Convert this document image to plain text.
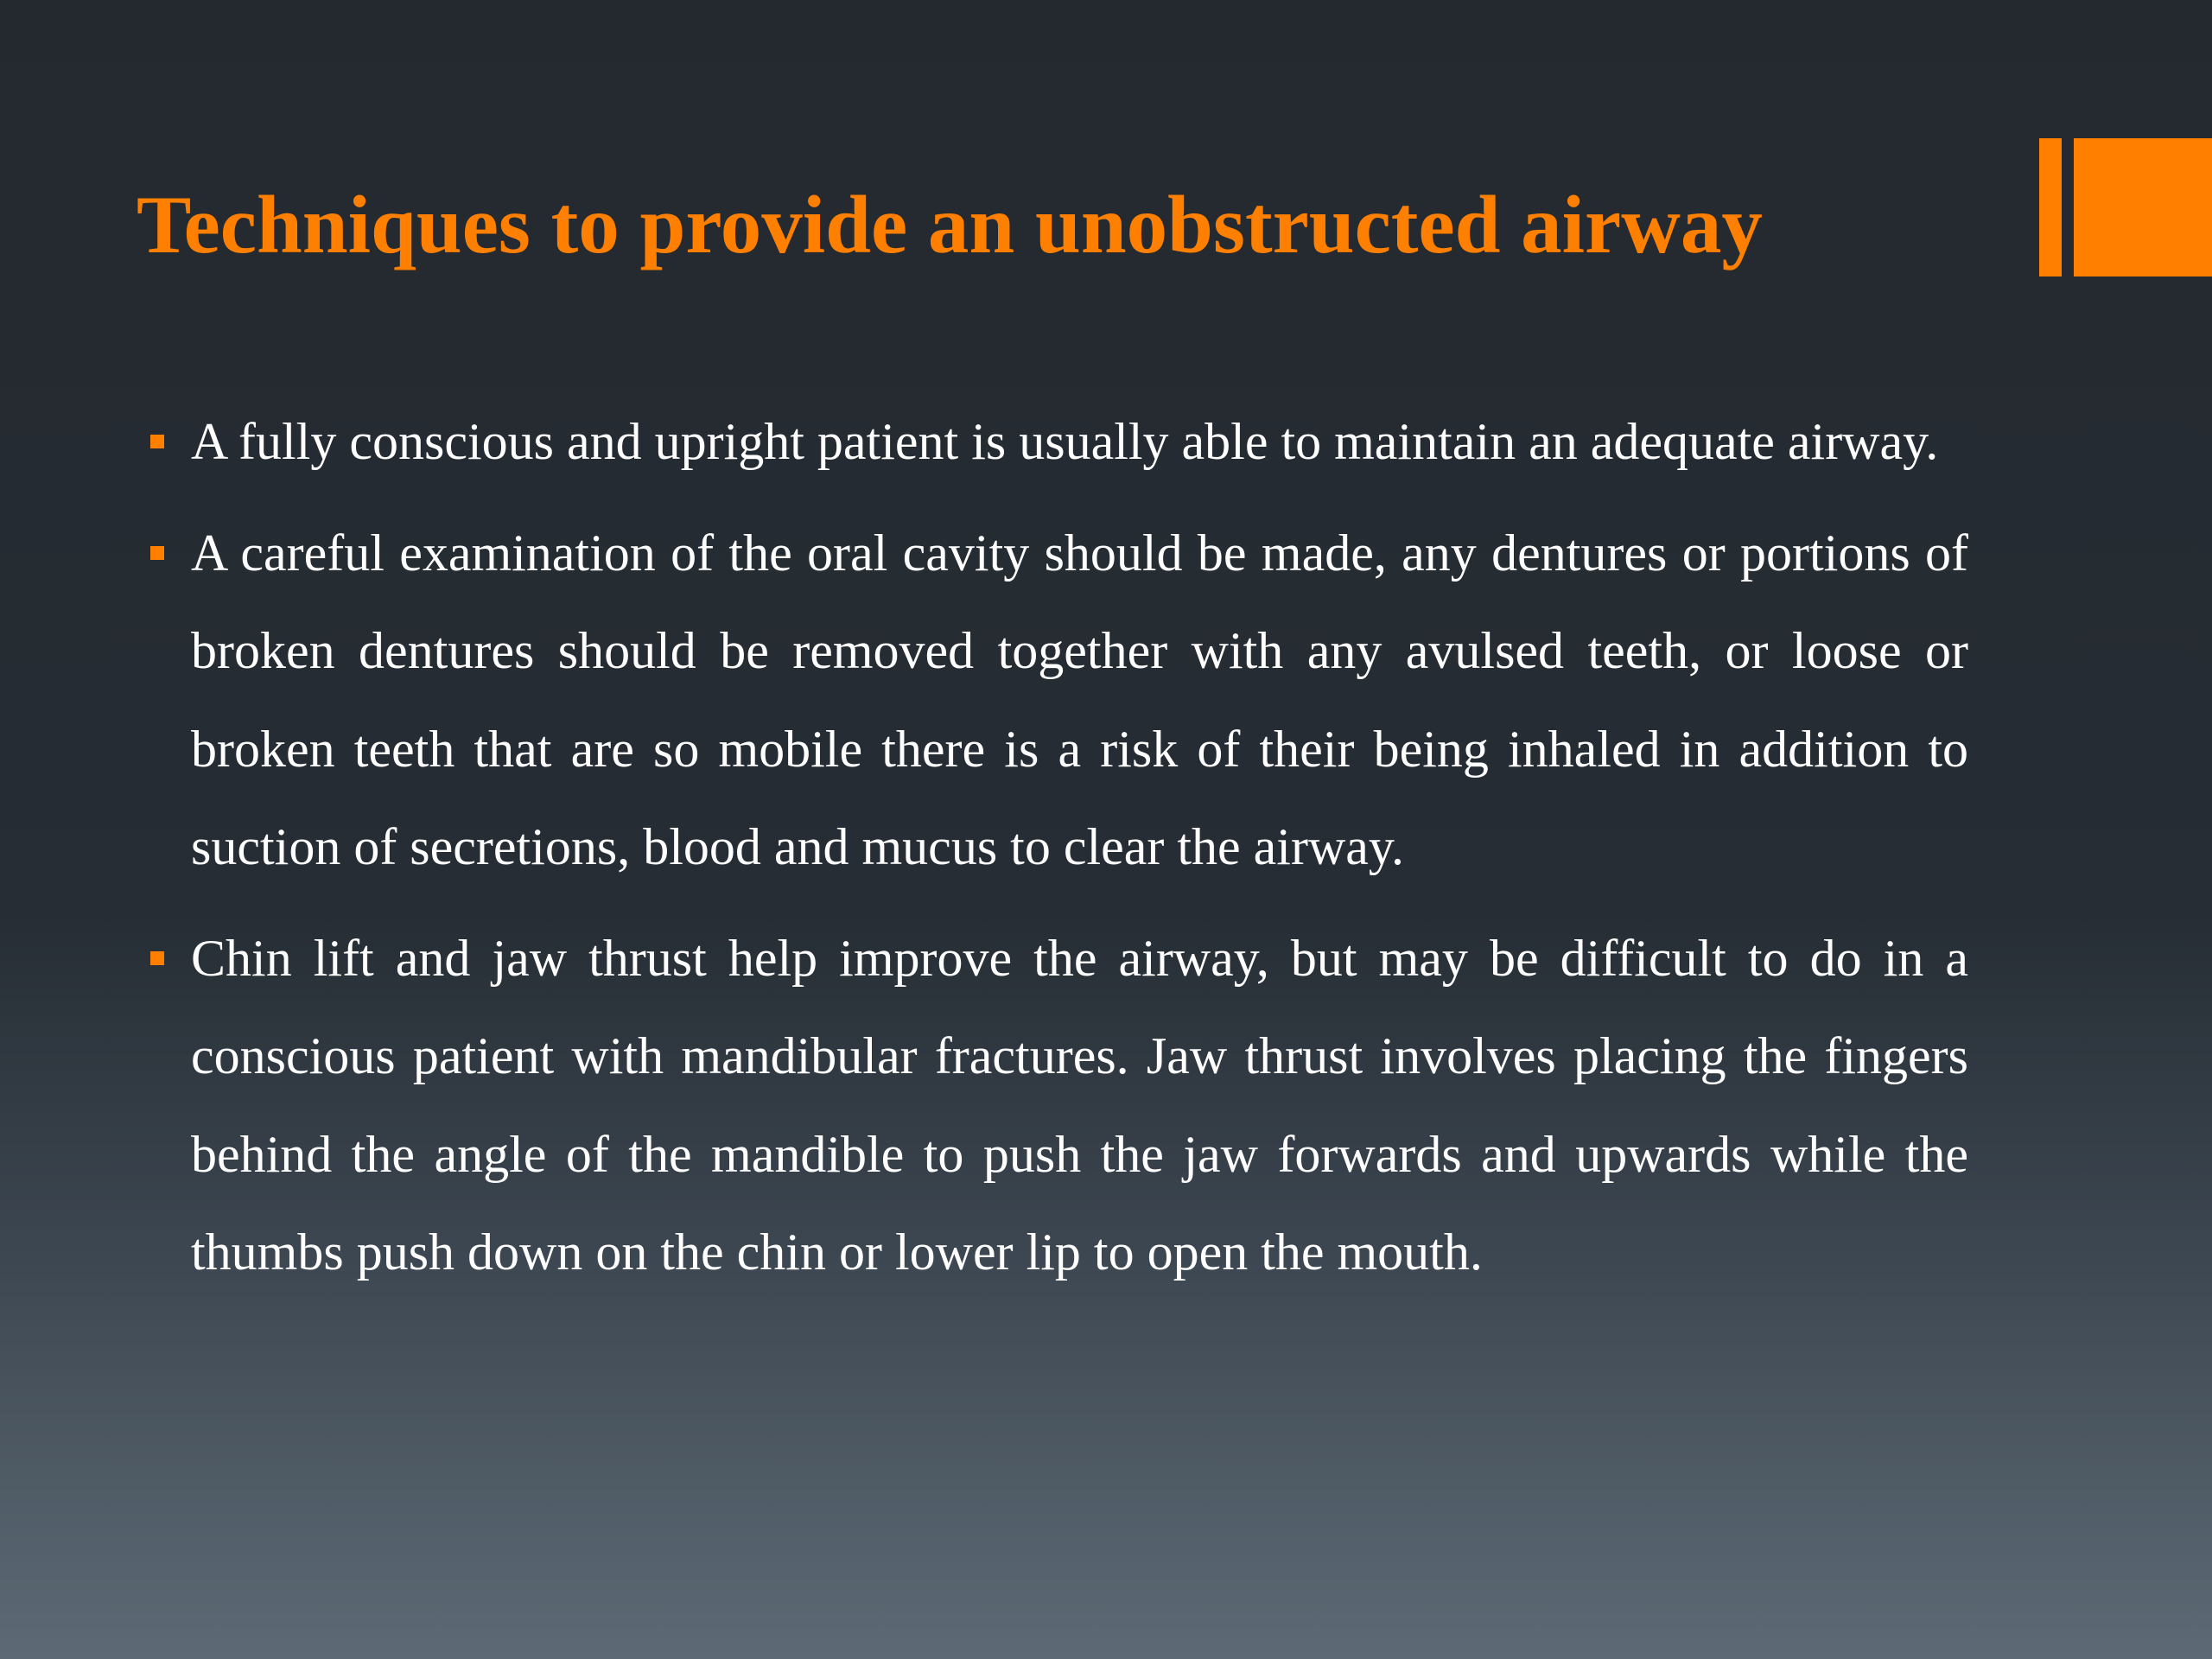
Techniques to provide an unobstructed airway
A fully conscious and upright patient is usually able to maintain an adequate airway.
A careful examination of the oral cavity should be made, any dentures or portions of broken dentures should be removed together with any avulsed teeth, or loose or broken teeth that are so mobile there is a risk of their being inhaled in addition to suction of secretions, blood and mucus to clear the airway.
Chin lift and jaw thrust help improve the airway, but may be difficult to do in a conscious patient with mandibular fractures. Jaw thrust involves placing the fingers behind the angle of the mandible to push the jaw forwards and upwards while the thumbs push down on the chin or lower lip to open the mouth.
